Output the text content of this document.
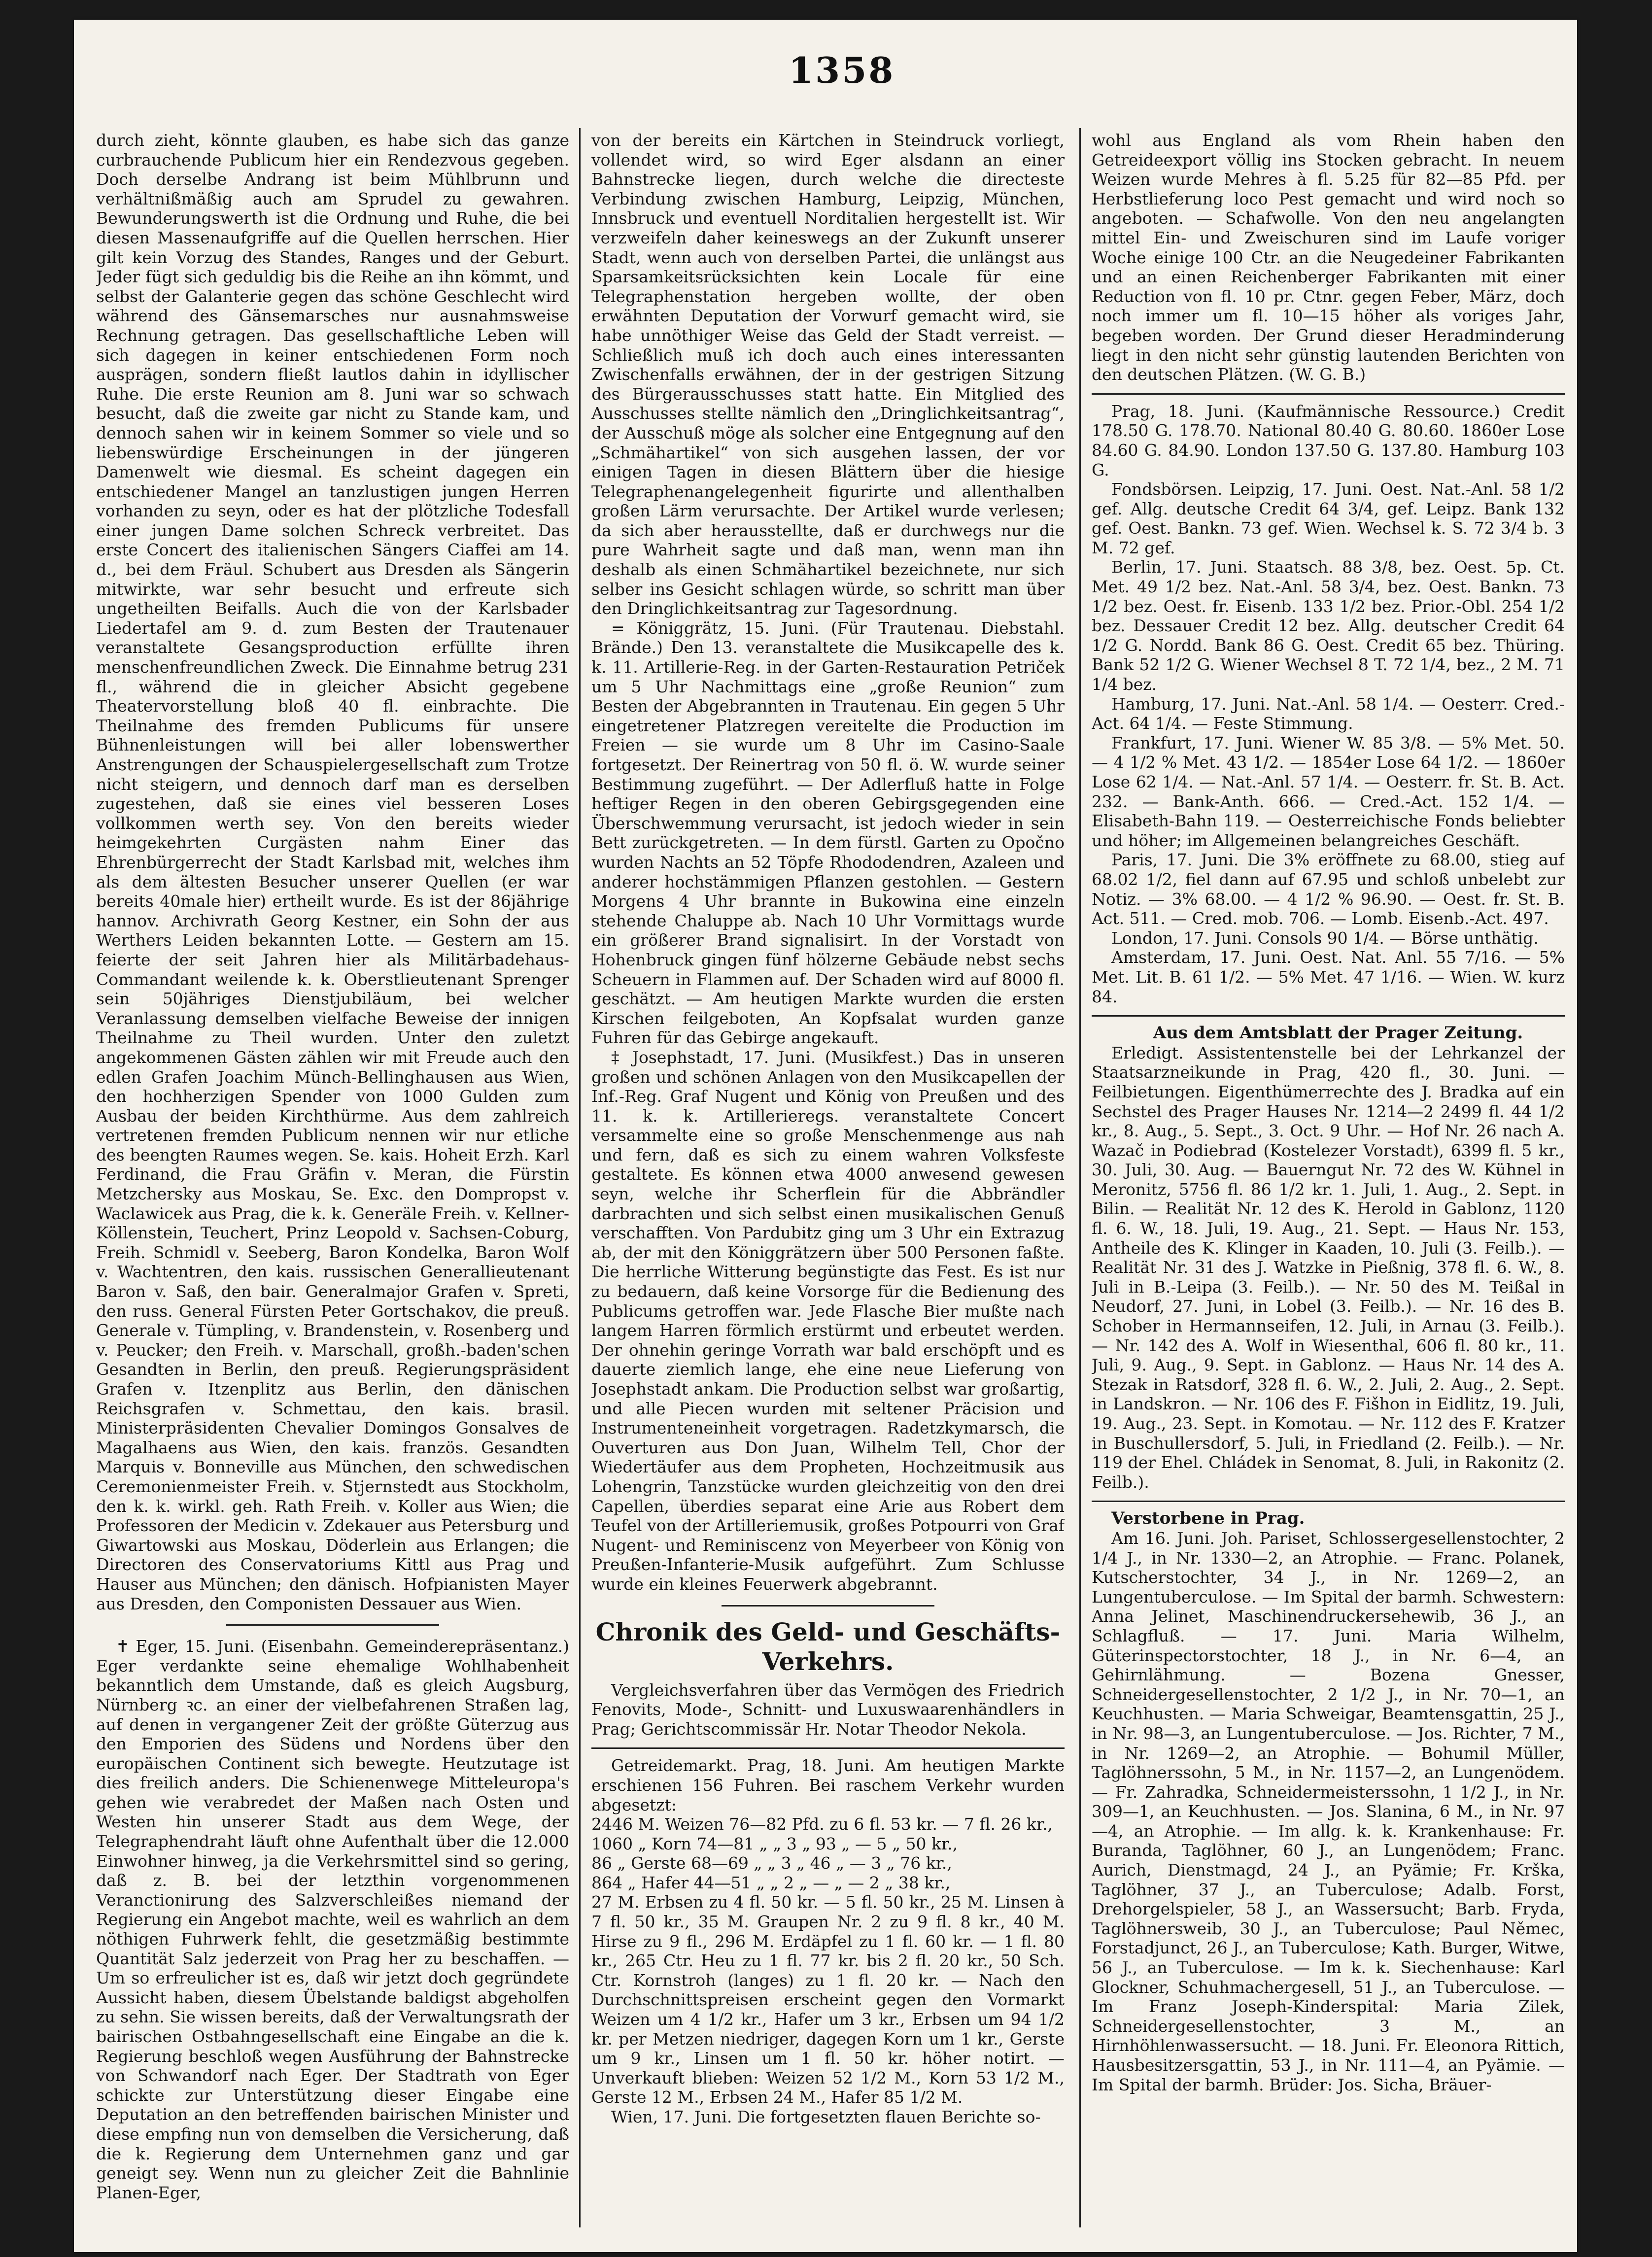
1358

durch zieht, könnte glauben, es habe sich das ganze curbrauchende Publicum hier ein Rendezvous gegeben. Doch derselbe Andrang ist beim Mühlbrunn und verhältnißmäßig auch am Sprudel zu gewahren. Bewunderungswerth ist die Ordnung und Ruhe, die bei diesen Massenaufgriffe auf die Quellen herrschen. Hier gilt kein Vorzug des Standes, Ranges und der Geburt. Jeder fügt sich geduldig bis die Reihe an ihn kömmt, und selbst der Galanterie gegen das schöne Geschlecht wird während des Gänsemarsches nur ausnahmsweise Rechnung getragen. Das gesellschaftliche Leben will sich dagegen in keiner entschiedenen Form noch ausprägen, sondern fließt lautlos dahin in idyllischer Ruhe. Die erste Reunion am 8. Juni war so schwach besucht, daß die zweite gar nicht zu Stande kam, und dennoch sahen wir in keinem Sommer so viele und so liebenswürdige Erscheinungen in der jüngeren Damenwelt wie diesmal. Es scheint dagegen ein entschiedener Mangel an tanzlustigen jungen Herren vorhanden zu seyn, oder es hat der plötzliche Todesfall einer jungen Dame solchen Schreck verbreitet. Das erste Concert des italienischen Sängers Ciaffei am 14. d., bei dem Fräul. Schubert aus Dresden als Sängerin mitwirkte, war sehr besucht und erfreute sich ungetheilten Beifalls. Auch die von der Karlsbader Liedertafel am 9. d. zum Besten der Trautenauer veranstaltete Gesangsproduction erfüllte ihren menschenfreundlichen Zweck. Die Einnahme betrug 231 fl., während die in gleicher Absicht gegebene Theatervorstellung bloß 40 fl. einbrachte. Die Theilnahme des fremden Publicums für unsere Bühnenleistungen will bei aller lobenswerther Anstrengungen der Schauspielergesellschaft zum Trotze nicht steigern, und dennoch darf man es derselben zugestehen, daß sie eines viel besseren Loses vollkommen werth sey. Von den bereits wieder heimgekehrten Curgästen nahm Einer das Ehrenbürgerrecht der Stadt Karlsbad mit, welches ihm als dem ältesten Besucher unserer Quellen (er war bereits 40male hier) ertheilt wurde. Es ist der 86jährige hannov. Archivrath Georg Kestner, ein Sohn der aus Werthers Leiden bekannten Lotte. — Gestern am 15. feierte der seit Jahren hier als Militärbadehaus-Commandant weilende k. k. Oberstlieutenant Sprenger sein 50jähriges Dienstjubiläum, bei welcher Veranlassung demselben vielfache Beweise der innigen Theilnahme zu Theil wurden. Unter den zuletzt angekommenen Gästen zählen wir mit Freude auch den edlen Grafen Joachim Münch-Bellinghausen aus Wien, den hochherzigen Spender von 1000 Gulden zum Ausbau der beiden Kirchthürme. Aus dem zahlreich vertretenen fremden Publicum nennen wir nur etliche des beengten Raumes wegen. Se. kais. Hoheit Erzh. Karl Ferdinand, die Frau Gräfin v. Meran, die Fürstin Metzchersky aus Moskau, Se. Exc. den Dompropst v. Waclawicek aus Prag, die k. k. Generäle Freih. v. Kellner-Köllenstein, Teuchert, Prinz Leopold v. Sachsen-Coburg, Freih. Schmidl v. Seeberg, Baron Kondelka, Baron Wolf v. Wachtentren, den kais. russischen Generallieutenant Baron v. Saß, den bair. Generalmajor Grafen v. Spreti, den russ. General Fürsten Peter Gortschakov, die preuß. Generale v. Tümpling, v. Brandenstein, v. Rosenberg und v. Peucker; den Freih. v. Marschall, großh.-baden'schen Gesandten in Berlin, den preuß. Regierungspräsident Grafen v. Itzenplitz aus Berlin, den dänischen Reichsgrafen v. Schmettau, den kais. brasil. Ministerpräsidenten Chevalier Domingos Gonsalves de Magalhaens aus Wien, den kais. französ. Gesandten Marquis v. Bonneville aus München, den schwedischen Ceremonienmeister Freih. v. Stjernstedt aus Stockholm, den k. k. wirkl. geh. Rath Freih. v. Koller aus Wien; die Professoren der Medicin v. Zdekauer aus Petersburg und Giwartowski aus Moskau, Döderlein aus Erlangen; die Directoren des Conservatoriums Kittl aus Prag und Hauser aus München; den dänisch. Hofpianisten Mayer aus Dresden, den Componisten Dessauer aus Wien.

✝ Eger, 15. Juni. (Eisenbahn. Gemeinderepräsentanz.) Eger verdankte seine ehemalige Wohlhabenheit bekanntlich dem Umstande, daß es gleich Augsburg, Nürnberg ꝛc. an einer der vielbefahrenen Straßen lag, auf denen in vergangener Zeit der größte Güterzug aus den Emporien des Südens und Nordens über den europäischen Continent sich bewegte. Heutzutage ist dies freilich anders. Die Schienenwege Mitteleuropa's gehen wie verabredet der Maßen nach Osten und Westen hin unserer Stadt aus dem Wege, der Telegraphendraht läuft ohne Aufenthalt über die 12.000 Einwohner hinweg, ja die Verkehrsmittel sind so gering, daß z. B. bei der letzthin vorgenommenen Veranctionirung des Salzverschleißes niemand der Regierung ein Angebot machte, weil es wahrlich an dem nöthigen Fuhrwerk fehlt, die gesetzmäßig bestimmte Quantität Salz jederzeit von Prag her zu beschaffen. — Um so erfreulicher ist es, daß wir jetzt doch gegründete Aussicht haben, diesem Übelstande baldigst abgeholfen zu sehn. Sie wissen bereits, daß der Verwaltungsrath der bairischen Ostbahngesellschaft eine Eingabe an die k. Regierung beschloß wegen Ausführung der Bahnstrecke von Schwandorf nach Eger. Der Stadtrath von Eger schickte zur Unterstützung dieser Eingabe eine Deputation an den betreffenden bairischen Minister und diese empfing nun von demselben die Versicherung, daß die k. Regierung dem Unternehmen ganz und gar geneigt sey. Wenn nun zu gleicher Zeit die Bahnlinie Planen-Eger,

von der bereits ein Kärtchen in Steindruck vorliegt, vollendet wird, so wird Eger alsdann an einer Bahnstrecke liegen, durch welche die directeste Verbindung zwischen Hamburg, Leipzig, München, Innsbruck und eventuell Norditalien hergestellt ist. Wir verzweifeln daher keineswegs an der Zukunft unserer Stadt, wenn auch von derselben Partei, die unlängst aus Sparsamkeitsrücksichten kein Locale für eine Telegraphenstation hergeben wollte, der oben erwähnten Deputation der Vorwurf gemacht wird, sie habe unnöthiger Weise das Geld der Stadt verreist. — Schließlich muß ich doch auch eines interessanten Zwischenfalls erwähnen, der in der gestrigen Sitzung des Bürgerausschusses statt hatte. Ein Mitglied des Ausschusses stellte nämlich den „Dringlichkeitsantrag“, der Ausschuß möge als solcher eine Entgegnung auf den „Schmähartikel“ von sich ausgehen lassen, der vor einigen Tagen in diesen Blättern über die hiesige Telegraphenangelegenheit figurirte und allenthalben großen Lärm verursachte. Der Artikel wurde verlesen; da sich aber herausstellte, daß er durchwegs nur die pure Wahrheit sagte und daß man, wenn man ihn deshalb als einen Schmähartikel bezeichnete, nur sich selber ins Gesicht schlagen würde, so schritt man über den Dringlichkeitsantrag zur Tagesordnung.

= Königgrätz, 15. Juni. (Für Trautenau. Diebstahl. Brände.) Den 13. veranstaltete die Musikcapelle des k. k. 11. Artillerie-Reg. in der Garten-Restauration Petriček um 5 Uhr Nachmittags eine „große Reunion“ zum Besten der Abgebrannten in Trautenau. Ein gegen 5 Uhr eingetretener Platzregen vereitelte die Production im Freien — sie wurde um 8 Uhr im Casino-Saale fortgesetzt. Der Reinertrag von 50 fl. ö. W. wurde seiner Bestimmung zugeführt. — Der Adlerfluß hatte in Folge heftiger Regen in den oberen Gebirgsgegenden eine Überschwemmung verursacht, ist jedoch wieder in sein Bett zurückgetreten. — In dem fürstl. Garten zu Opočno wurden Nachts an 52 Töpfe Rhododendren, Azaleen und anderer hochstämmigen Pflanzen gestohlen. — Gestern Morgens 4 Uhr brannte in Bukowina eine einzeln stehende Chaluppe ab. Nach 10 Uhr Vormittags wurde ein größerer Brand signalisirt. In der Vorstadt von Hohenbruck gingen fünf hölzerne Gebäude nebst sechs Scheuern in Flammen auf. Der Schaden wird auf 8000 fl. geschätzt. — Am heutigen Markte wurden die ersten Kirschen feilgeboten, An Kopfsalat wurden ganze Fuhren für das Gebirge angekauft.

‡ Josephstadt, 17. Juni. (Musikfest.) Das in unseren großen und schönen Anlagen von den Musikcapellen der Inf.-Reg. Graf Nugent und König von Preußen und des 11. k. k. Artillerieregs. veranstaltete Concert versammelte eine so große Menschenmenge aus nah und fern, daß es sich zu einem wahren Volksfeste gestaltete. Es können etwa 4000 anwesend gewesen seyn, welche ihr Scherflein für die Abbrändler darbrachten und sich selbst einen musikalischen Genuß verschafften. Von Pardubitz ging um 3 Uhr ein Extrazug ab, der mit den Königgrätzern über 500 Personen faßte. Die herrliche Witterung begünstigte das Fest. Es ist nur zu bedauern, daß keine Vorsorge für die Bedienung des Publicums getroffen war. Jede Flasche Bier mußte nach langem Harren förmlich erstürmt und erbeutet werden. Der ohnehin geringe Vorrath war bald erschöpft und es dauerte ziemlich lange, ehe eine neue Lieferung von Josephstadt ankam. Die Production selbst war großartig, und alle Piecen wurden mit seltener Präcision und Instrumenteneinheit vorgetragen. Radetzkymarsch, die Ouverturen aus Don Juan, Wilhelm Tell, Chor der Wiedertäufer aus dem Propheten, Hochzeitmusik aus Lohengrin, Tanzstücke wurden gleichzeitig von den drei Capellen, überdies separat eine Arie aus Robert dem Teufel von der Artilleriemusik, großes Potpourri von Graf Nugent- und Reminiscenz von Meyerbeer von König von Preußen-Infanterie-Musik aufgeführt. Zum Schlusse wurde ein kleines Feuerwerk abgebrannt.

Chronik des Geld- und Geschäfts-Verkehrs.

Vergleichsverfahren über das Vermögen des Friedrich Fenovits, Mode-, Schnitt- und Luxuswaarenhändlers in Prag; Gerichtscommissär Hr. Notar Theodor Nekola.

Getreidemarkt. Prag, 18. Juni. Am heutigen Markte erschienen 156 Fuhren. Bei raschem Verkehr wurden abgesetzt:

2446 M. Weizen 76—82 Pfd. zu 6 fl. 53 kr. — 7 fl. 26 kr.,

1060 „ Korn 74—81 „ „ 3 „ 93 „ — 5 „ 50 kr.,

86 „ Gerste 68—69 „ „ 3 „ 46 „ — 3 „ 76 kr.,

864 „ Hafer 44—51 „ „ 2 „ — „ — 2 „ 38 kr.,

27 M. Erbsen zu 4 fl. 50 kr. — 5 fl. 50 kr., 25 M. Linsen à 7 fl. 50 kr., 35 M. Graupen Nr. 2 zu 9 fl. 8 kr., 40 M. Hirse zu 9 fl., 296 M. Erdäpfel zu 1 fl. 60 kr. — 1 fl. 80 kr., 265 Ctr. Heu zu 1 fl. 77 kr. bis 2 fl. 20 kr., 50 Sch. Ctr. Kornstroh (langes) zu 1 fl. 20 kr. — Nach den Durchschnittspreisen erscheint gegen den Vormarkt Weizen um 4 1/2 kr., Hafer um 3 kr., Erbsen um 94 1/2 kr. per Metzen niedriger, dagegen Korn um 1 kr., Gerste um 9 kr., Linsen um 1 fl. 50 kr. höher notirt. — Unverkauft blieben: Weizen 52 1/2 M., Korn 53 1/2 M., Gerste 12 M., Erbsen 24 M., Hafer 85 1/2 M.

Wien, 17. Juni. Die fortgesetzten flauen Berichte so-

wohl aus England als vom Rhein haben den Getreideexport völlig ins Stocken gebracht. In neuem Weizen wurde Mehres à fl. 5.25 für 82—85 Pfd. per Herbstlieferung loco Pest gemacht und wird noch so angeboten. — Schafwolle. Von den neu angelangten mittel Ein- und Zweischuren sind im Laufe voriger Woche einige 100 Ctr. an die Neugedeiner Fabrikanten und an einen Reichenberger Fabrikanten mit einer Reduction von fl. 10 pr. Ctnr. gegen Feber, März, doch noch immer um fl. 10—15 höher als voriges Jahr, begeben worden. Der Grund dieser Heradminderung liegt in den nicht sehr günstig lautenden Berichten von den deutschen Plätzen. (W. G. B.)

Prag, 18. Juni. (Kaufmännische Ressource.) Credit 178.50 G. 178.70. National 80.40 G. 80.60. 1860er Lose 84.60 G. 84.90. London 137.50 G. 137.80. Hamburg 103 G.

Fondsbörsen. Leipzig, 17. Juni. Oest. Nat.-Anl. 58 1/2 gef. Allg. deutsche Credit 64 3/4, gef. Leipz. Bank 132 gef. Oest. Bankn. 73 gef. Wien. Wechsel k. S. 72 3/4 b. 3 M. 72 gef.

Berlin, 17. Juni. Staatsch. 88 3/8, bez. Oest. 5p. Ct. Met. 49 1/2 bez. Nat.-Anl. 58 3/4, bez. Oest. Bankn. 73 1/2 bez. Oest. fr. Eisenb. 133 1/2 bez. Prior.-Obl. 254 1/2 bez. Dessauer Credit 12 bez. Allg. deutscher Credit 64 1/2 G. Nordd. Bank 86 G. Oest. Credit 65 bez. Thüring. Bank 52 1/2 G. Wiener Wechsel 8 T. 72 1/4, bez., 2 M. 71 1/4 bez.

Hamburg, 17. Juni. Nat.-Anl. 58 1/4. — Oesterr. Cred.-Act. 64 1/4. — Feste Stimmung.

Frankfurt, 17. Juni. Wiener W. 85 3/8. — 5% Met. 50. — 4 1/2 % Met. 43 1/2. — 1854er Lose 64 1/2. — 1860er Lose 62 1/4. — Nat.-Anl. 57 1/4. — Oesterr. fr. St. B. Act. 232. — Bank-Anth. 666. — Cred.-Act. 152 1/4. — Elisabeth-Bahn 119. — Oesterreichische Fonds beliebter und höher; im Allgemeinen belangreiches Geschäft.

Paris, 17. Juni. Die 3% eröffnete zu 68.00, stieg auf 68.02 1/2, fiel dann auf 67.95 und schloß unbelebt zur Notiz. — 3% 68.00. — 4 1/2 % 96.90. — Oest. fr. St. B. Act. 511. — Cred. mob. 706. — Lomb. Eisenb.-Act. 497.

London, 17. Juni. Consols 90 1/4. — Börse unthätig.

Amsterdam, 17. Juni. Oest. Nat. Anl. 55 7/16. — 5% Met. Lit. B. 61 1/2. — 5% Met. 47 1/16. — Wien. W. kurz 84.

Aus dem Amtsblatt der Prager Zeitung.

Erledigt. Assistentenstelle bei der Lehrkanzel der Staatsarzneikunde in Prag, 420 fl., 30. Juni. — Feilbietungen. Eigenthümerrechte des J. Bradka auf ein Sechstel des Prager Hauses Nr. 1214—2 2499 fl. 44 1/2 kr., 8. Aug., 5. Sept., 3. Oct. 9 Uhr. — Hof Nr. 26 nach A. Wazač in Podiebrad (Kostelezer Vorstadt), 6399 fl. 5 kr., 30. Juli, 30. Aug. — Bauerngut Nr. 72 des W. Kühnel in Meronitz, 5756 fl. 86 1/2 kr. 1. Juli, 1. Aug., 2. Sept. in Bilin. — Realität Nr. 12 des K. Herold in Gablonz, 1120 fl. 6. W., 18. Juli, 19. Aug., 21. Sept. — Haus Nr. 153, Antheile des K. Klinger in Kaaden, 10. Juli (3. Feilb.). — Realität Nr. 31 des J. Watzke in Pießnig, 378 fl. 6. W., 8. Juli in B.-Leipa (3. Feilb.). — Nr. 50 des M. Teißal in Neudorf, 27. Juni, in Lobel (3. Feilb.). — Nr. 16 des B. Schober in Hermannseifen, 12. Juli, in Arnau (3. Feilb.). — Nr. 142 des A. Wolf in Wiesenthal, 606 fl. 80 kr., 11. Juli, 9. Aug., 9. Sept. in Gablonz. — Haus Nr. 14 des A. Stezak in Ratsdorf, 328 fl. 6. W., 2. Juli, 2. Aug., 2. Sept. in Landskron. — Nr. 106 des F. Fišhon in Eidlitz, 19. Juli, 19. Aug., 23. Sept. in Komotau. — Nr. 112 des F. Kratzer in Buschullersdorf, 5. Juli, in Friedland (2. Feilb.). — Nr. 119 der Ehel. Chládek in Senomat, 8. Juli, in Rakonitz (2. Feilb.).

Verstorbene in Prag.

Am 16. Juni. Joh. Pariset, Schlossergesellenstochter, 2 1/4 J., in Nr. 1330—2, an Atrophie. — Franc. Polanek, Kutscherstochter, 34 J., in Nr. 1269—2, an Lungentuberculose. — Im Spital der barmh. Schwestern: Anna Jelinet, Maschinendruckersehewib, 36 J., an Schlagfluß. — 17. Juni. Maria Wilhelm, Güterinspectorstochter, 18 J., in Nr. 6—4, an Gehirnlähmung. — Bozena Gnesser, Schneidergesellenstochter, 2 1/2 J., in Nr. 70—1, an Keuchhusten. — Maria Schweigar, Beamtensgattin, 25 J., in Nr. 98—3, an Lungentuberculose. — Jos. Richter, 7 M., in Nr. 1269—2, an Atrophie. — Bohumil Müller, Taglöhnerssohn, 5 M., in Nr. 1157—2, an Lungenödem. — Fr. Zahradka, Schneidermeisterssohn, 1 1/2 J., in Nr. 309—1, an Keuchhusten. — Jos. Slanina, 6 M., in Nr. 97—4, an Atrophie. — Im allg. k. k. Krankenhause: Fr. Buranda, Taglöhner, 60 J., an Lungenödem; Franc. Aurich, Dienstmagd, 24 J., an Pyämie; Fr. Krška, Taglöhner, 37 J., an Tuberculose; Adalb. Forst, Drehorgelspieler, 58 J., an Wassersucht; Barb. Fryda, Taglöhnersweib, 30 J., an Tuberculose; Paul Němec, Forstadjunct, 26 J., an Tuberculose; Kath. Burger, Witwe, 56 J., an Tuberculose. — Im k. k. Siechenhause: Karl Glockner, Schuhmachergesell, 51 J., an Tuberculose. — Im Franz Joseph-Kinderspital: Maria Zilek, Schneidergesellenstochter, 3 M., an Hirnhöhlenwassersucht. — 18. Juni. Fr. Eleonora Rittich, Hausbesitzersgattin, 53 J., in Nr. 111—4, an Pyämie. — Im Spital der barmh. Brüder: Jos. Sicha, Bräuer-
